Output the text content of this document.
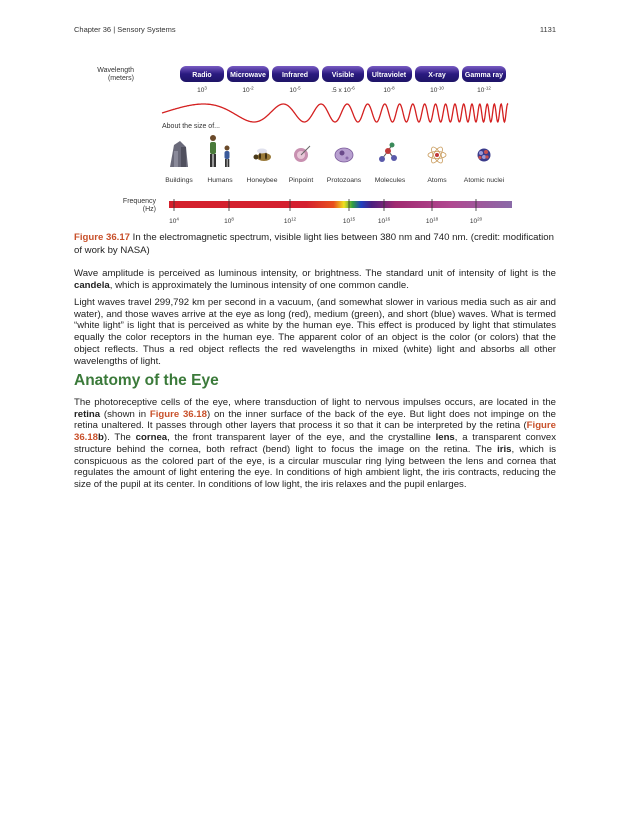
Chapter 36 | Sensory Systems	1131
Wavelength
(meters)	Radio	Microwave Infrared	Visible	Ultraviolet	X-ray	Gamma ray
$10^3$	$10^{-2}$	$10^{-5}$	.5 x $10^{-6}$	$10^{-8}$	$10^{-10}$	$10^{-12}$
About the size of...
Buildings Humans Honeybee Pinpoint Protozoans Molecules	Atoms	Atomic nuclei
Frequency
(Hz)
$10^4$	$10^8$	$10^{12}$	$10^{15}$	$10^{16}$	$10^{18}$	$10^{20}$
Figure 36.17 In the electromagnetic spectrum, visible light lies between 380 nm and 740 nm. (credit: modification of work by NASA)

Wave amplitude is perceived as luminous intensity, or brightness. The standard unit of intensity of light is the candela, which is approximately the luminous intensity of one common candle.

Light waves travel 299,792 km per second in a vacuum, (and somewhat slower in various media such as air and water), and those waves arrive at the eye as long (red), medium (green), and short (blue) waves. What is termed “white light” is light that is perceived as white by the human eye. This effect is produced by light that stimulates equally the color receptors in the human eye. The apparent color of an object is the color (or colors) that the object reflects. Thus a red object reflects the red wavelengths in mixed (white) light and absorbs all other wavelengths of light.

Anatomy of the Eye

The photoreceptive cells of the eye, where transduction of light to nervous impulses occurs, are located in the retina (shown in Figure 36.18) on the inner surface of the back of the eye. But light does not impinge on the retina unaltered. It passes through other layers that process it so that it can be interpreted by the retina (Figure 36.18b). The cornea, the front transparent layer of the eye, and the crystalline lens, a transparent convex structure behind the cornea, both refract (bend) light to focus the image on the retina. The iris, which is conspicuous as the colored part of the eye, is a circular muscular ring lying between the lens and cornea that regulates the amount of light entering the eye. In conditions of high ambient light, the iris contracts, reducing the size of the pupil at its center. In conditions of low light, the iris relaxes and the pupil enlarges.
